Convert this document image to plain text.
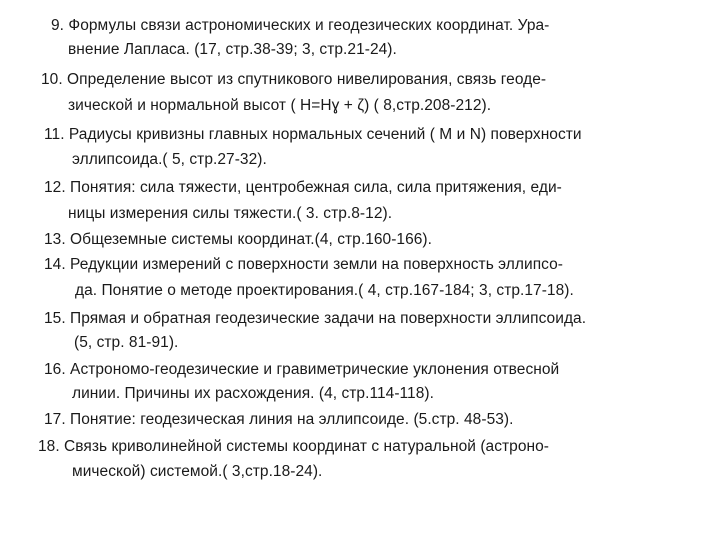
9. Формулы связи астрономических и геодезических координат. Ура-
внение Лапласа. (17, стр.38-39; 3, стр.21-24).
10. Определение высот из спутникового нивелирования, связь геоде-
зической и нормальной высот ( H=Hɣ + ζ) ( 8,стр.208-212).
11. Радиусы кривизны главных нормальных сечений ( M и N) поверхности
эллипсоида.( 5, стр.27-32).
12. Понятия: сила тяжести, центробежная сила, сила притяжения, еди-
ницы измерения силы тяжести.( 3. стр.8-12).
13. Общеземные системы координат.(4, стр.160-166).
14. Редукции измерений с поверхности земли на поверхность эллипсо-
да. Понятие о методе проектирования.( 4, стр.167-184; 3, стр.17-18).
15. Прямая и обратная геодезические задачи на поверхности эллипсоида.
(5, стр. 81-91).
16. Астрономо-геодезические и гравиметрические уклонения отвесной
линии. Причины их расхождения. (4, стр.114-118).
17. Понятие: геодезическая линия на эллипсоиде. (5.стр. 48-53).
18. Связь криволинейной системы координат с натуральной (астроно-
мической) системой.( 3,стр.18-24).
